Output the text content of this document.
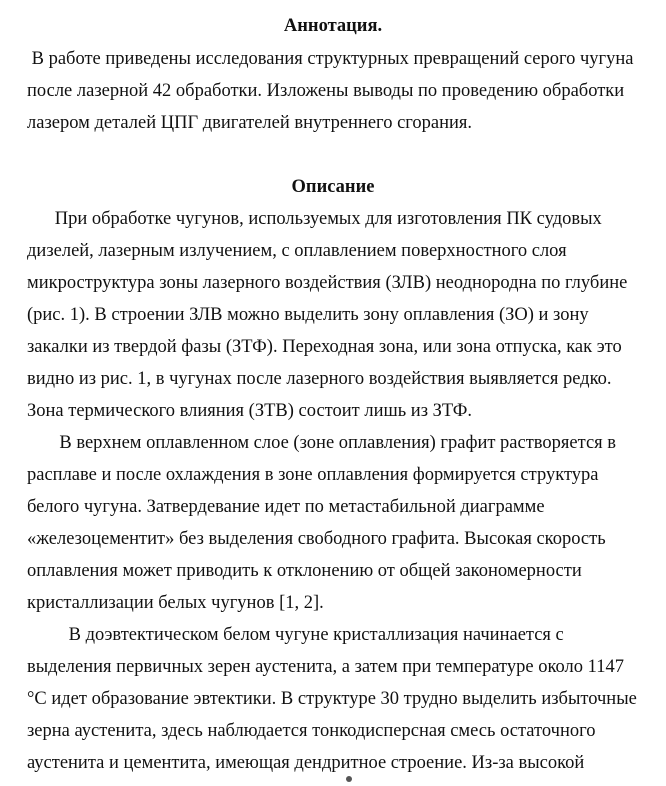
Аннотация.
В работе приведены исследования структурных превращений серого чугуна
после лазерной 42 обработки. Изложены выводы по проведению обработки
лазером деталей ЦПГ двигателей внутреннего сгорания.
Описание
При обработке чугунов, используемых для изготовления ПК судовых
дизелей, лазерным излучением, с оплавлением поверхностного слоя
микроструктура зоны лазерного воздействия (ЗЛВ) неоднородна по глубине
(рис. 1). В строении ЗЛВ можно выделить зону оплавления (ЗО) и зону
закалки из твердой фазы (ЗТФ). Переходная зона, или зона отпуска, как это
видно из рис. 1, в чугунах после лазерного воздействия выявляется редко.
Зона термического влияния (ЗТВ) состоит лишь из ЗТФ.
В верхнем оплавленном слое (зоне оплавления) графит растворяется в
расплаве и после охлаждения в зоне оплавления формируется структура
белого чугуна. Затвердевание идет по метастабильной диаграмме
«железоцементит» без выделения свободного графита. Высокая скорость
оплавления может приводить к отклонению от общей закономерности
кристаллизации белых чугунов [1, 2].
В доэвтектическом белом чугуне кристаллизация начинается с
выделения первичных зерен аустенита, а затем при температуре около 1147
°С идет образование эвтектики. В структуре 30 трудно выделить избыточные
зерна аустенита, здесь наблюдается тонкодисперсная смесь остаточного
аустенита и цементита, имеющая дендритное строение. Из-за высокой
